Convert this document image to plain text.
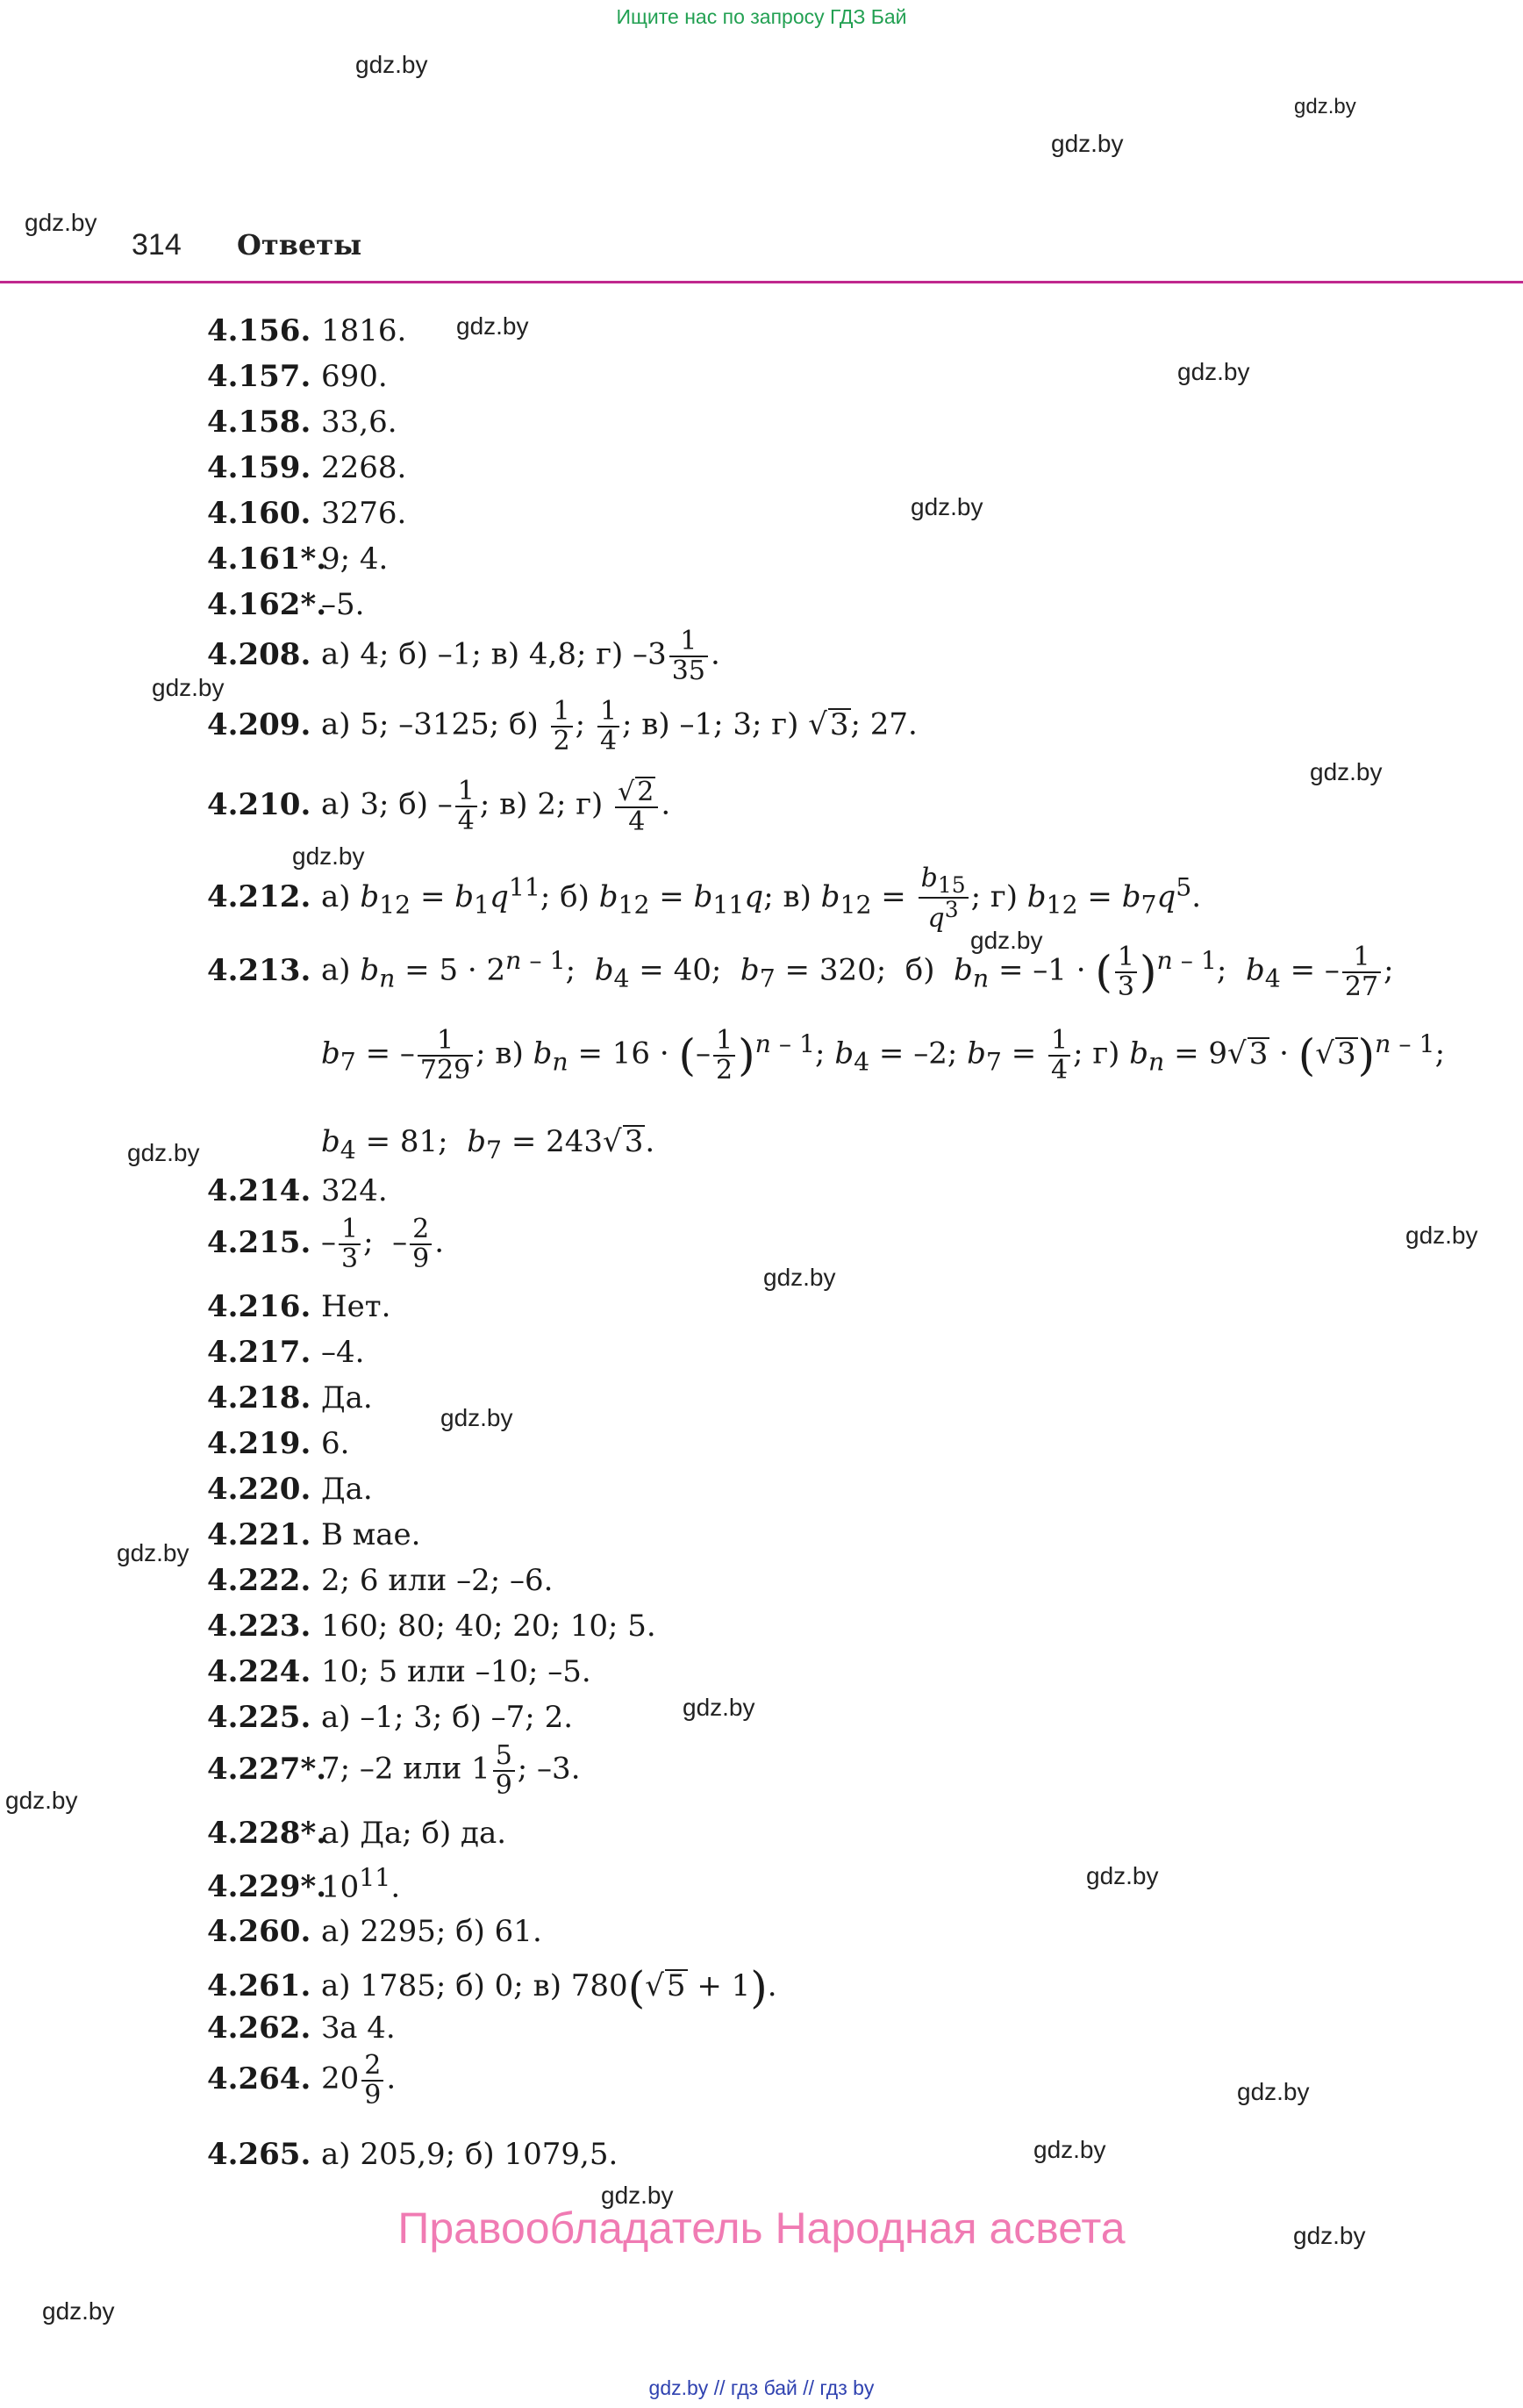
Ищите нас по запросу ГДЗ Бай
gdz.by
gdz.by
gdz.by
gdz.by
gdz.by
gdz.by
gdz.by
gdz.by
gdz.by
gdz.by
gdz.by
gdz.by
gdz.by
gdz.by
gdz.by
gdz.by
gdz.by
gdz.by
gdz.by
gdz.by
gdz.by
gdz.by
gdz.by
gdz.by
314 Ответы
4.156. 1816.
4.157. 690.
4.158. 33,6.
4.159. 2268.
4.160. 3276.
4.161*.9; 4.
4.162*.–5.
4.208. а) 4; б) –1; в) 4,8; г) $-3 \frac{1}{35}$ .
4.209. а) 5; –3125; $б) \frac{1}{2}$ ; $\frac{1}{4}$ ; в) –1; 3; г) √3; 27.
4.210. а) 3; $б) - \frac{1}{4}$ ; в) 2; $г) \frac{√ 2}{4}$ .
4.212. а) $b_{12} = b_1q^{11}$; б) $b_{12} = b_{11}q$; в) $b_{12} = \frac{b_{15}}{q^3}$ ; г) $b_{12} = b_7q^5$.
4.213. а) $b_n = 5 \cdot 2^{n - 1}$;  $b_4 = 40$;  $b_7 = 320$;  б)  $b_n = -1$ · ( $\frac{1}{3} )^{n - 1}$;  $b_4$ = – $\frac{1}{27}$ ;
$b_7$ = – $\frac{1}{729}$ ; в) $b_n = 16$ · (– $\frac{1}{2} )^{n - 1}$; $b_4 = -2$; $b_7 = \frac{1}{4}$ ; г) $b_n = 9√3 \cdot (√3)^{n - 1}$;
$b_4 = 81$;  $b_7 = 243√3$.
4.214. 324.
4.215. – $\frac{1}{3}$ ;  – $\frac{2}{9}$ .
4.216. Нет.
4.217. –4.
4.218. Да.
4.219. 6.
4.220. Да.
4.221. В мае.
4.222. 2; 6 или –2; –6.
4.223. 160; 80; 40; 20; 10; 5.
4.224. 10; 5 или –10; –5.
4.225. а) –1; 3; б) –7; 2.
4.227*.7; –2 или $1 \frac{5}{9}$ ; –3.
4.228*.а) Да; б) да.
$4.229*.10^{11}$.
4.260. а) 2295; б) 61.
4.261. а) 1785; б) 0; в) 780(√5 + 1).
4.262. За 4.
4.264. $20 \frac{2}{9}$ .
4.265. а) 205,9; б) 1079,5.
Правообладатель Народная асвета
gdz.by // гдз бай // гдз by
